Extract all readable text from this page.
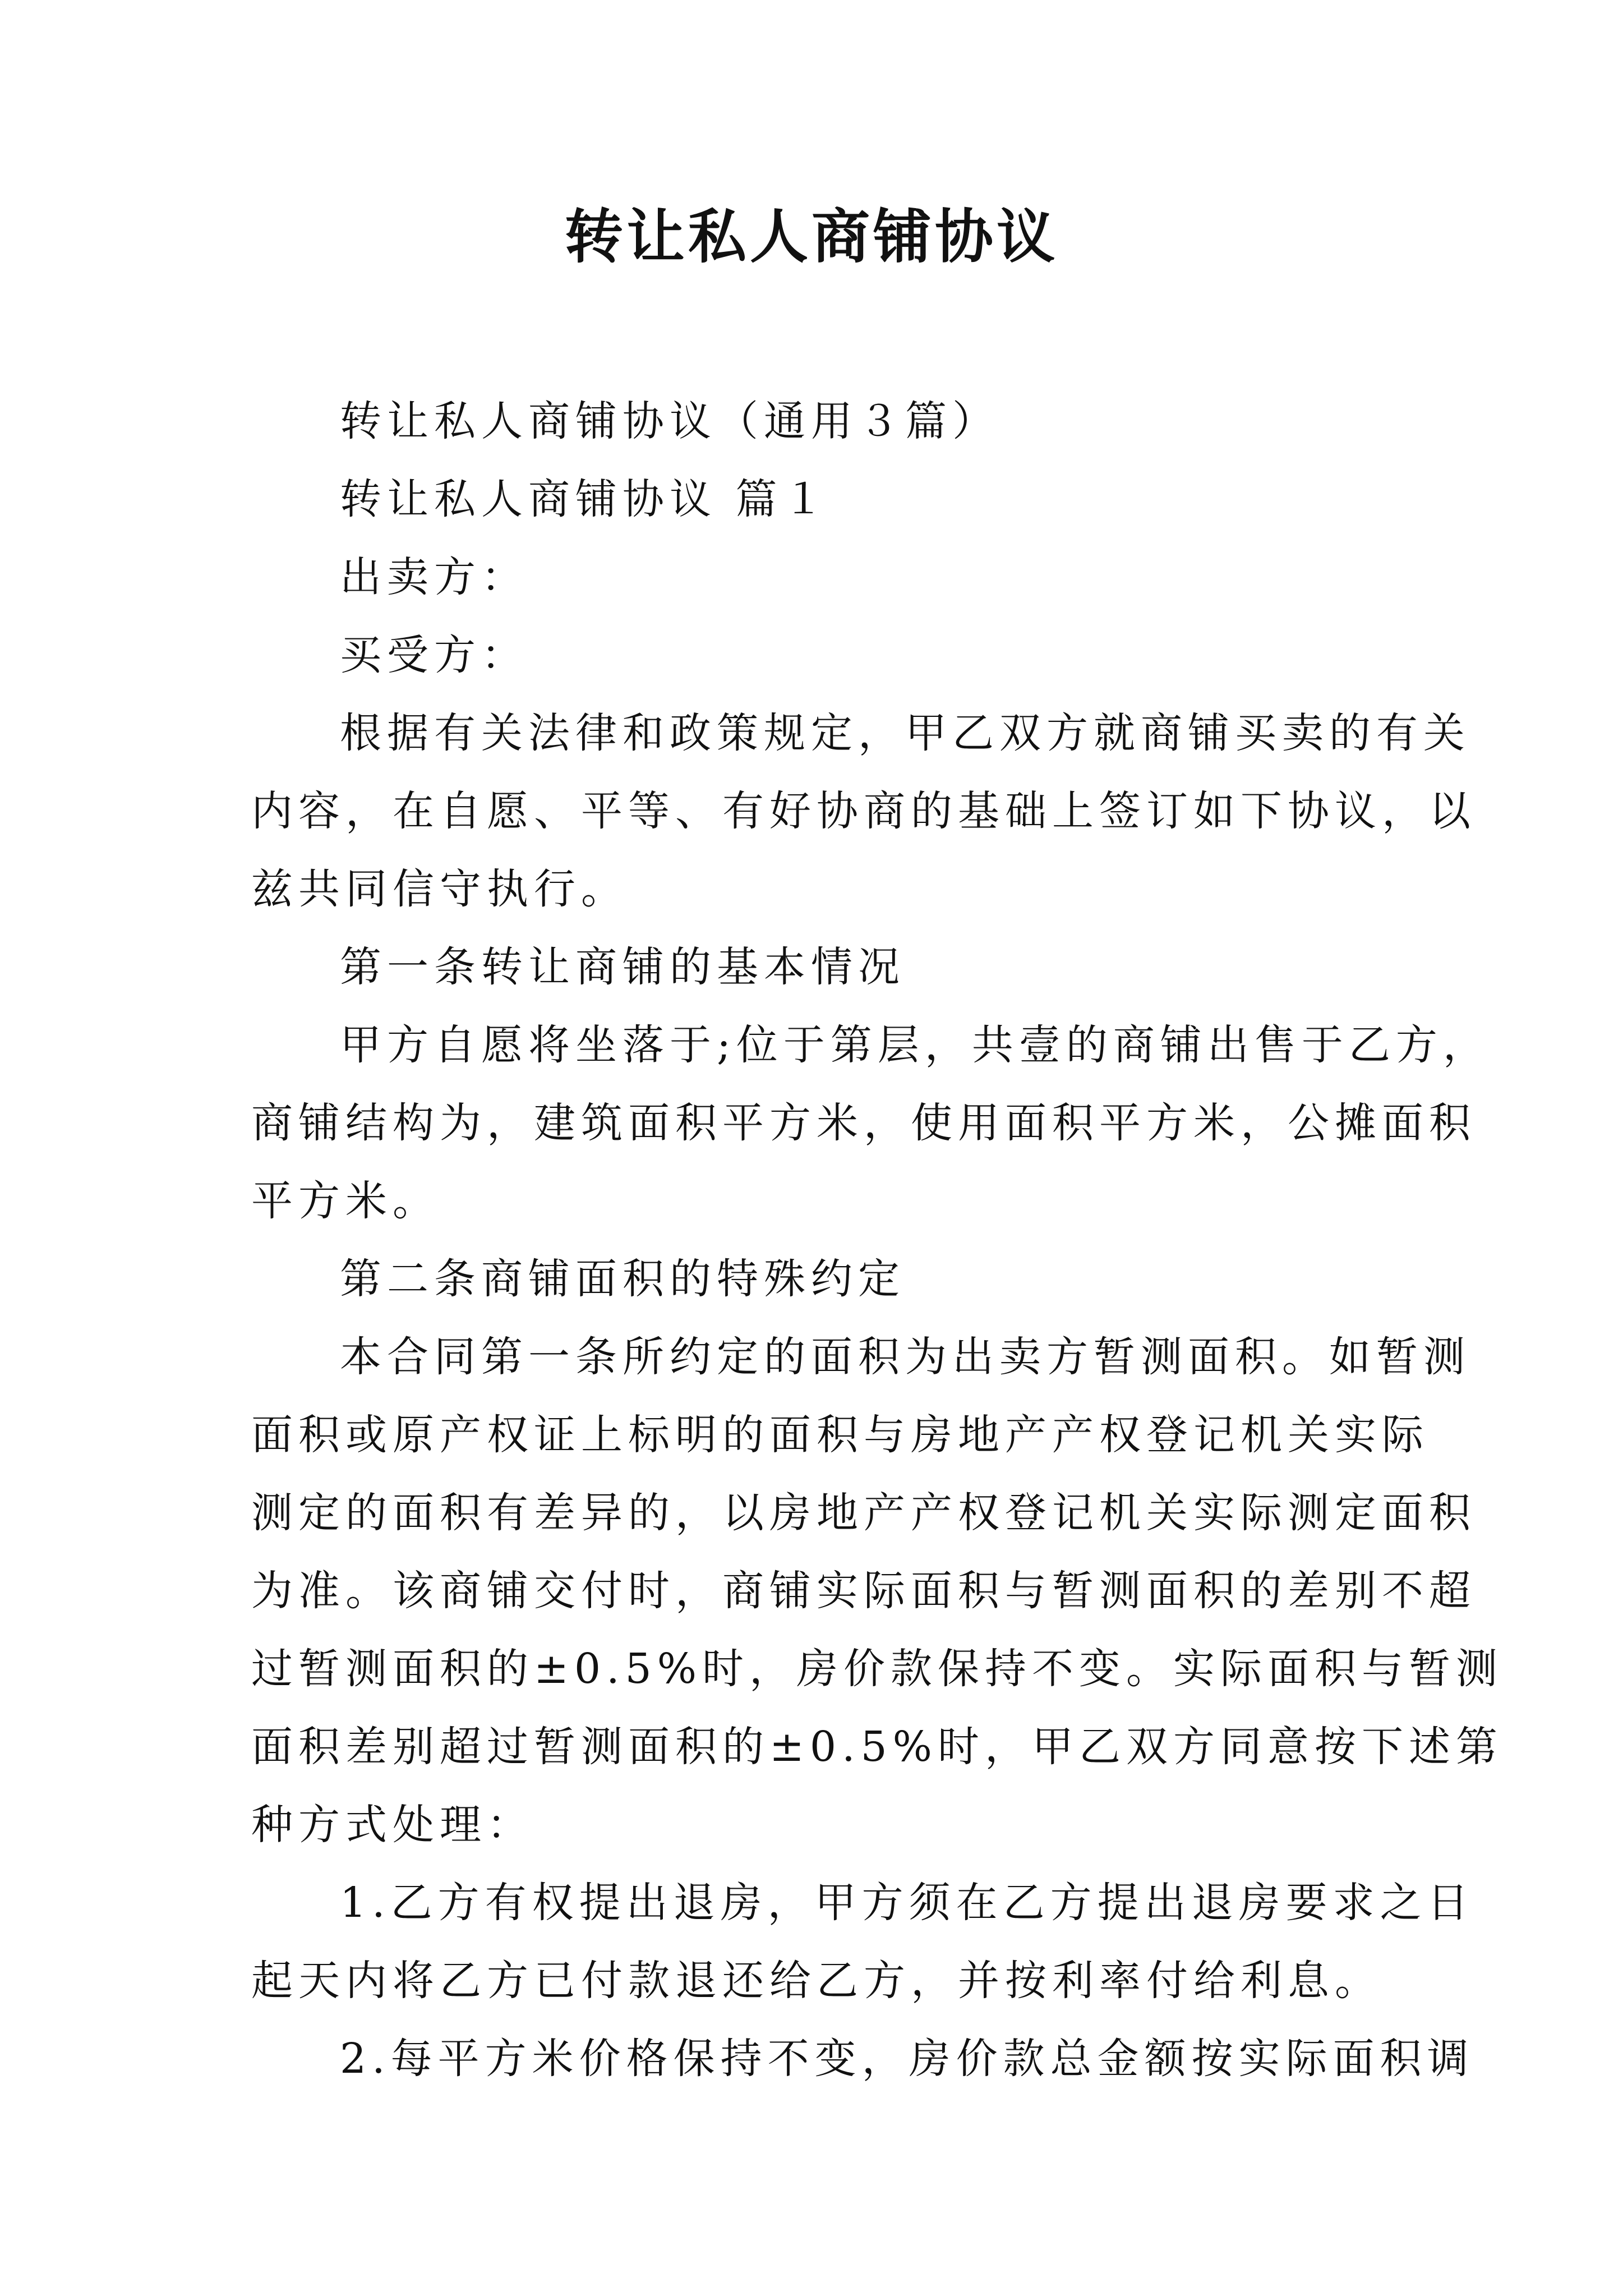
转让私人商铺协议

转让私人商铺协议（通用３篇）

转让私人商铺协议 篇１

出卖方：

买受方：

根据有关法律和政策规定，甲乙双方就商铺买卖的有关
内容，在自愿、平等、有好协商的基础上签订如下协议，以
兹共同信守执行。

第一条转让商铺的基本情况

甲方自愿将坐落于;位于第层，共壹的商铺出售于乙方，
商铺结构为，建筑面积平方米，使用面积平方米，公摊面积
平方米。

第二条商铺面积的特殊约定

本合同第一条所约定的面积为出卖方暂测面积。如暂测
面积或原产权证上标明的面积与房地产产权登记机关实际
测定的面积有差异的，以房地产产权登记机关实际测定面积
为准。该商铺交付时，商铺实际面积与暂测面积的差别不超
过暂测面积的±0.5%时，房价款保持不变。实际面积与暂测
面积差别超过暂测面积的±0.5%时，甲乙双方同意按下述第
种方式处理：

1.乙方有权提出退房，甲方须在乙方提出退房要求之日
起天内将乙方已付款退还给乙方，并按利率付给利息。

2.每平方米价格保持不变，房价款总金额按实际面积调
